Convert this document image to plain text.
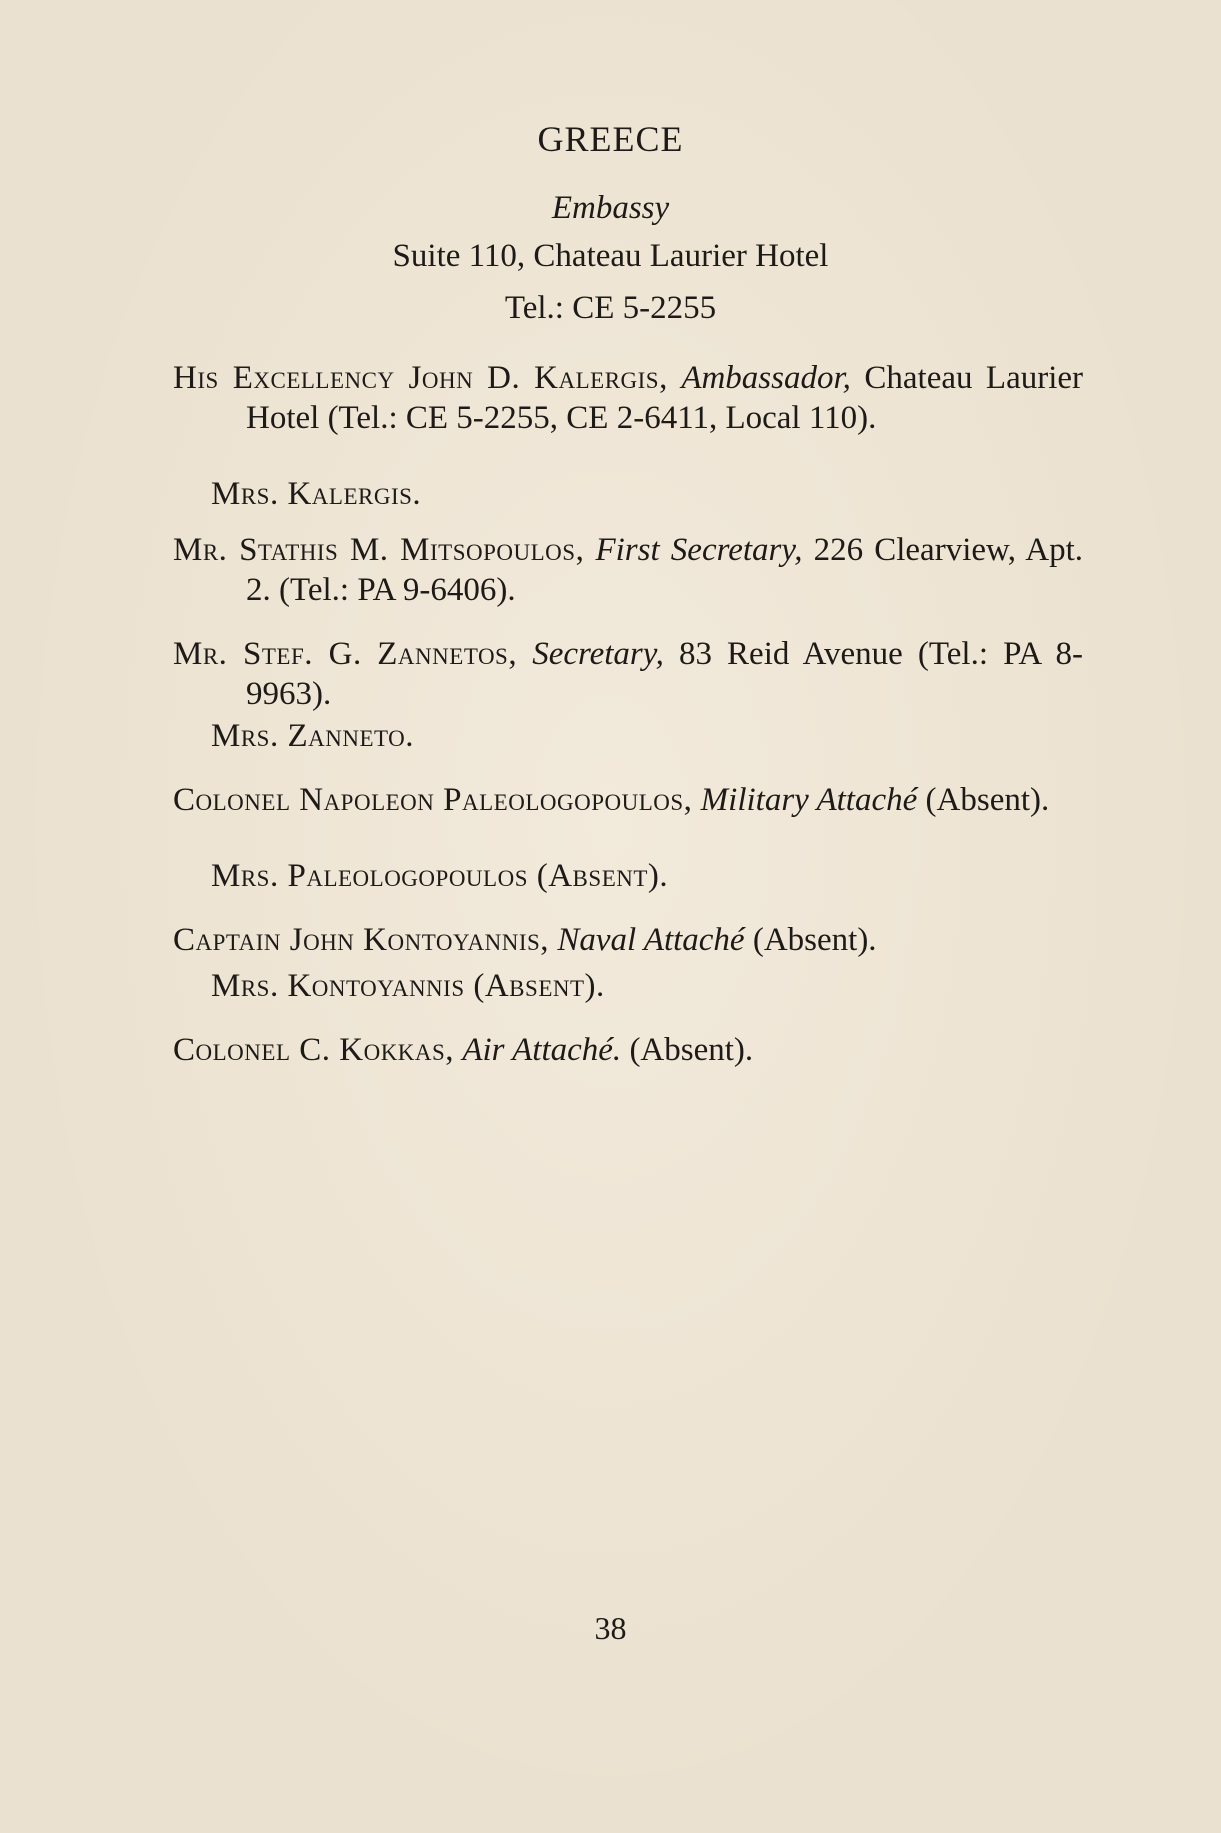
GREECE
Embassy
Suite 110, Chateau Laurier Hotel
Tel.: CE 5-2255

His Excellency John D. Kalergis, Ambassador, Chateau Laurier Hotel (Tel.: CE 5-2255, CE 2-6411, Local 110).

Mrs. Kalergis.

Mr. Stathis M. Mitsopoulos, First Secretary, 226 Clearview, Apt. 2. (Tel.: PA 9-6406).

Mr. Stef. G. Zannetos, Secretary, 83 Reid Avenue (Tel.: PA 8-9963).

Mrs. Zanneto.

Colonel Napoleon Paleologopoulos, Military Attaché (Absent).

Mrs. Paleologopoulos (Absent).

Captain John Kontoyannis, Naval Attaché (Absent).

Mrs. Kontoyannis (Absent).

Colonel C. Kokkas, Air Attaché. (Absent).

38
